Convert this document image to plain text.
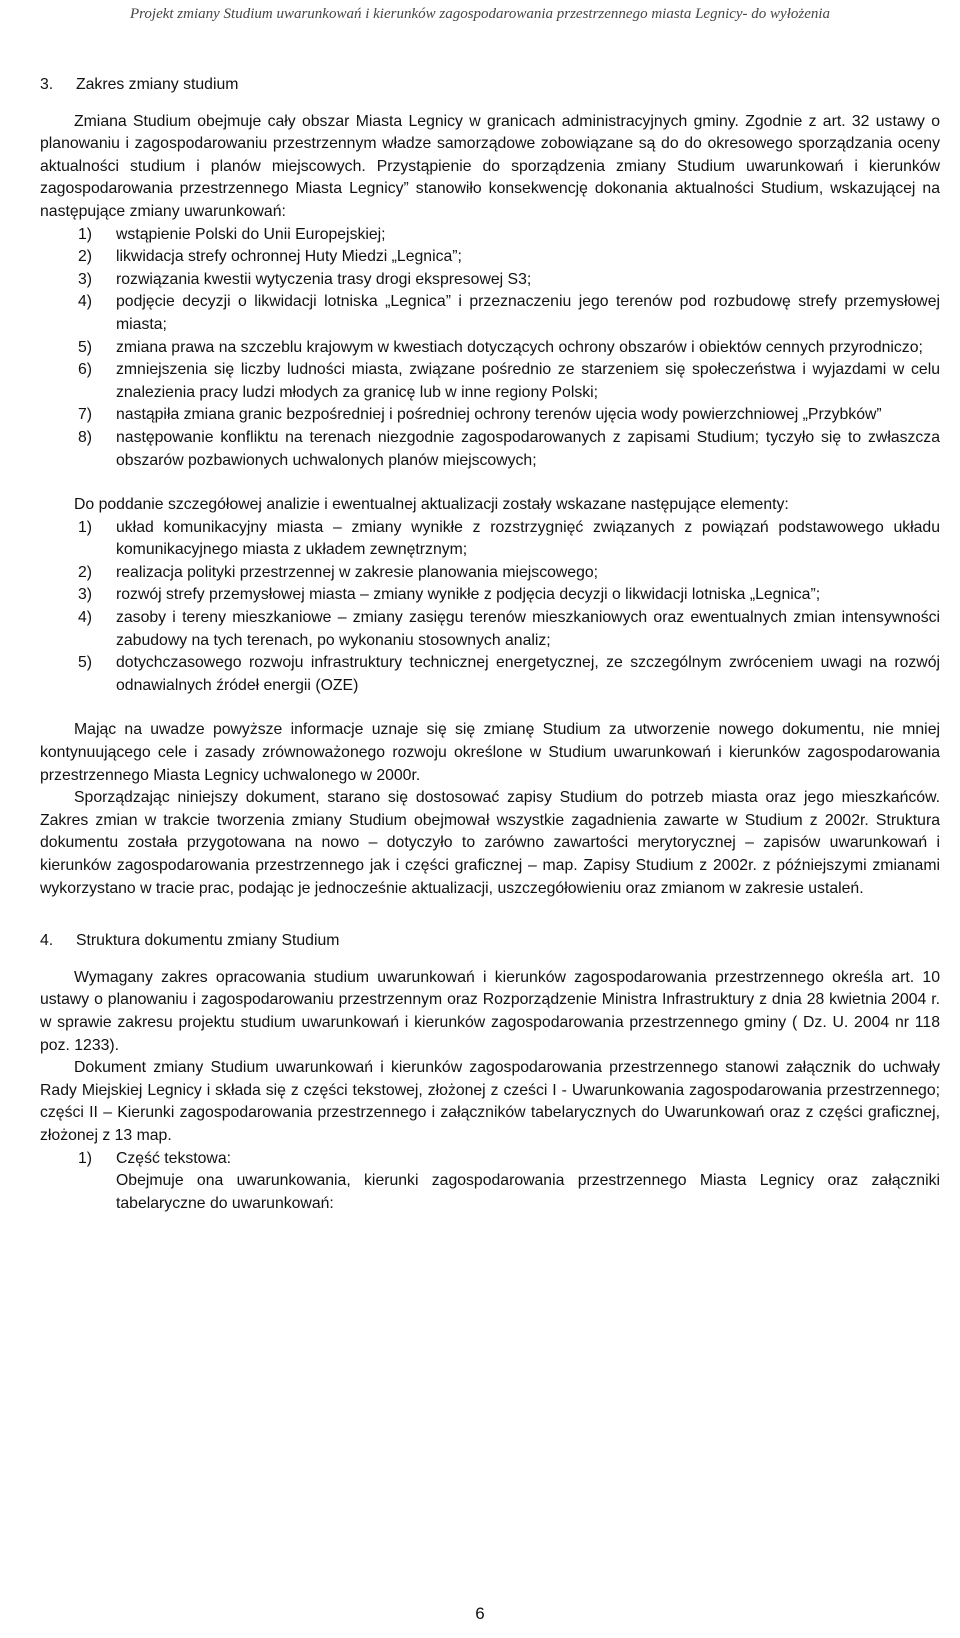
Projekt zmiany Studium uwarunkowań i kierunków zagospodarowania przestrzennego miasta Legnicy- do wyłożenia
3.	Zakres zmiany studium

Zmiana Studium obejmuje cały obszar Miasta Legnicy w granicach administracyjnych gminy. Zgodnie z art. 32 ustawy o planowaniu i zagospodarowaniu przestrzennym władze samorządowe zobowiązane są do do okresowego sporządzania oceny aktualności studium i planów miejscowych. Przystąpienie do sporządzenia zmiany Studium uwarunkowań i kierunków zagospodarowania przestrzennego Miasta Legnicy” stanowiło konsekwencję dokonania aktualności Studium, wskazującej na następujące zmiany uwarunkowań:

1)	wstąpienie Polski do Unii Europejskiej;
2)	likwidacja strefy ochronnej Huty Miedzi „Legnica”;
3)	rozwiązania kwestii wytyczenia trasy drogi ekspresowej S3;
4)	podjęcie decyzji o likwidacji lotniska „Legnica” i przeznaczeniu jego terenów pod rozbudowę strefy przemysłowej miasta;
5)	zmiana prawa na szczeblu krajowym w kwestiach dotyczących ochrony obszarów i obiektów cennych przyrodniczo;
6)	zmniejszenia się liczby ludności miasta, związane pośrednio ze starzeniem się społeczeństwa i wyjazdami w celu znalezienia pracy ludzi młodych za granicę lub w inne regiony Polski;
7)	nastąpiła zmiana granic bezpośredniej i pośredniej ochrony terenów ujęcia wody powierzchniowej „Przybków”
8)	następowanie konfliktu na terenach niezgodnie zagospodarowanych z zapisami Studium; tyczyło się to zwłaszcza obszarów pozbawionych uchwalonych planów miejscowych;

Do poddanie szczegółowej analizie i ewentualnej aktualizacji zostały wskazane następujące elementy:

1)	układ komunikacyjny miasta – zmiany wynikłe z rozstrzygnięć związanych z powiązań podstawowego układu komunikacyjnego miasta z układem zewnętrznym;
2)	realizacja polityki przestrzennej w zakresie planowania miejscowego;
3)	rozwój strefy przemysłowej miasta – zmiany wynikłe z podjęcia decyzji o likwidacji lotniska „Legnica”;
4)	zasoby i tereny mieszkaniowe – zmiany zasięgu terenów mieszkaniowych oraz ewentualnych zmian intensywności zabudowy na tych terenach, po wykonaniu stosownych analiz;
5)	dotychczasowego rozwoju infrastruktury technicznej energetycznej, ze szczególnym zwróceniem uwagi na rozwój odnawialnych źródeł energii (OZE)

Mając na uwadze powyższe informacje uznaje się się zmianę Studium za utworzenie nowego dokumentu, nie mniej kontynuującego cele i zasady zrównoważonego rozwoju określone w Studium uwarunkowań i kierunków zagospodarowania przestrzennego Miasta Legnicy uchwalonego w 2000r.

Sporządzając niniejszy dokument, starano się dostosować zapisy Studium do potrzeb miasta oraz jego mieszkańców. Zakres zmian w trakcie tworzenia zmiany Studium obejmował wszystkie zagadnienia zawarte w Studium z 2002r. Struktura dokumentu została przygotowana na nowo – dotyczyło to zarówno zawartości merytorycznej – zapisów uwarunkowań i kierunków zagospodarowania przestrzennego jak i części graficznej – map. Zapisy Studium z 2002r. z późniejszymi zmianami wykorzystano w tracie prac, podając je jednocześnie aktualizacji, uszczegółowieniu oraz zmianom w zakresie ustaleń.

4.	Struktura dokumentu zmiany Studium

Wymagany zakres opracowania studium uwarunkowań i kierunków zagospodarowania przestrzennego określa art. 10 ustawy o planowaniu i zagospodarowaniu przestrzennym oraz Rozporządzenie Ministra Infrastruktury z dnia 28 kwietnia 2004 r. w sprawie zakresu projektu studium uwarunkowań i kierunków zagospodarowania przestrzennego gminy ( Dz. U. 2004 nr 118 poz. 1233).

Dokument zmiany Studium uwarunkowań i kierunków zagospodarowania przestrzennego stanowi załącznik do uchwały Rady Miejskiej Legnicy i składa się z części tekstowej, złożonej z cześci I - Uwarunkowania zagospodarowania przestrzennego; części II – Kierunki zagospodarowania przestrzennego i załączników tabelarycznych do Uwarunkowań oraz z części graficznej, złożonej z 13 map.

1)	Część tekstowa:
Obejmuje ona uwarunkowania, kierunki zagospodarowania przestrzennego Miasta Legnicy oraz załączniki tabelaryczne do uwarunkowań:
6
